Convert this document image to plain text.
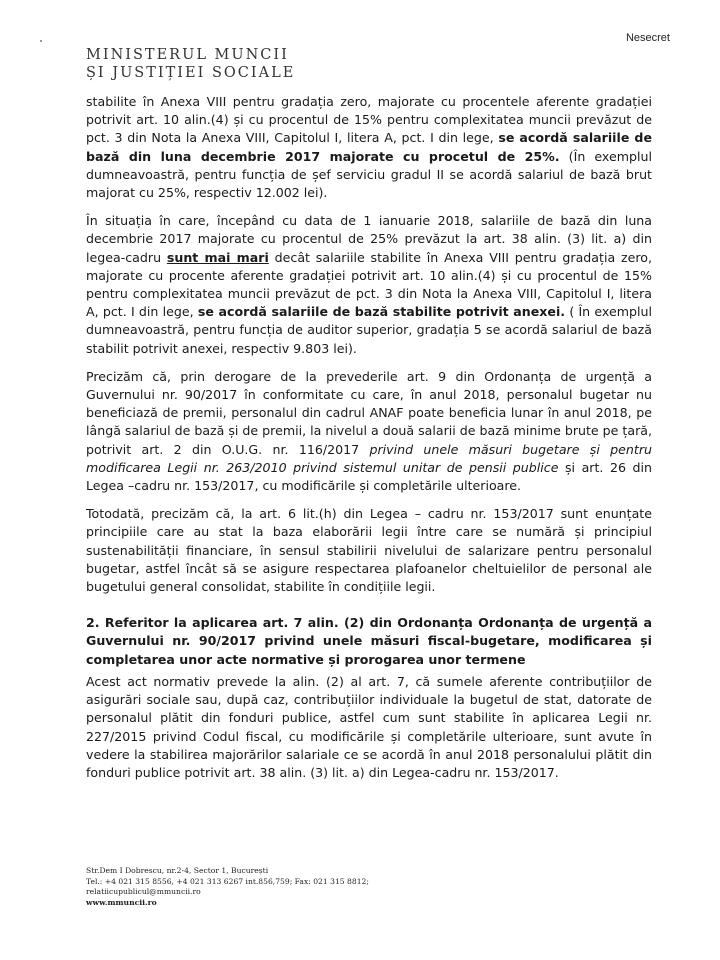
Nesecret
MINISTERUL MUNCII
ȘI JUSTIȚIEI SOCIALE

stabilite în Anexa VIII pentru gradația zero, majorate cu procentele aferente gradației potrivit art. 10 alin.(4) și cu procentul de 15% pentru complexitatea muncii prevăzut de pct. 3 din Nota la Anexa VIII, Capitolul I, litera A, pct. I din lege, se acordă salariile de bază din luna decembrie 2017 majorate cu procetul de 25%. (În exemplul dumneavoastră, pentru funcția de șef serviciu gradul II se acordă salariul de bază brut majorat cu 25%, respectiv 12.002 lei).

În situația în care, începând cu data de 1 ianuarie 2018, salariile de bază din luna decembrie 2017 majorate cu procentul de 25% prevăzut la art. 38 alin. (3) lit. a) din legea-cadru sunt mai mari decât salariile stabilite în Anexa VIII pentru gradația zero, majorate cu procente aferente gradației potrivit art. 10 alin.(4) și cu procentul de 15% pentru complexitatea muncii prevăzut de pct. 3 din Nota la Anexa VIII, Capitolul I, litera A, pct. I din lege, se acordă salariile de bază stabilite potrivit anexei. ( În exemplul dumneavoastră, pentru funcția de auditor superior, gradația 5 se acordă salariul de bază stabilit potrivit anexei, respectiv 9.803 lei).

Precizăm că, prin derogare de la prevederile art. 9 din Ordonanța de urgență a Guvernului nr. 90/2017 în conformitate cu care, în anul 2018, personalul bugetar nu beneficiază de premii, personalul din cadrul ANAF poate beneficia lunar în anul 2018, pe lângă salariul de bază și de premii, la nivelul a două salarii de bază minime brute pe țară, potrivit art. 2 din O.U.G. nr. 116/2017 privind unele măsuri bugetare și pentru modificarea Legii nr. 263/2010 privind sistemul unitar de pensii publice și art. 26 din Legea –cadru nr. 153/2017, cu modificările și completările ulterioare.

Totodată, precizăm că, la art. 6 lit.(h) din Legea – cadru nr. 153/2017 sunt enunțate principiile care au stat la baza elaborării legii între care se numără și principiul sustenabilității financiare, în sensul stabilirii nivelului de salarizare pentru personalul bugetar, astfel încât să se asigure respectarea plafoanelor cheltuielilor de personal ale bugetului general consolidat, stabilite în condițiile legii.

2. Referitor la aplicarea art. 7 alin. (2) din Ordonanța Ordonanța de urgență a Guvernului nr. 90/2017 privind unele măsuri fiscal-bugetare, modificarea și completarea unor acte normative și prorogarea unor termene

Acest act normativ prevede la alin. (2) al art. 7, că sumele aferente contribuțiilor de asigurări sociale sau, după caz, contribuțiilor individuale la bugetul de stat, datorate de personalul plătit din fonduri publice, astfel cum sunt stabilite în aplicarea Legii nr. 227/2015 privind Codul fiscal, cu modificările și completările ulterioare, sunt avute în vedere la stabilirea majorărilor salariale ce se acordă în anul 2018 personalului plătit din fonduri publice potrivit art. 38 alin. (3) lit. a) din Legea-cadru nr. 153/2017.

Str.Dem I Dobrescu, nr.2-4, Sector 1, București
Tel.: +4 021 315 8556, +4 021 313 6267 int.856,759; Fax: 021 315 8812;
relatiicupublicul@mmuncii.ro
www.mmuncii.ro
